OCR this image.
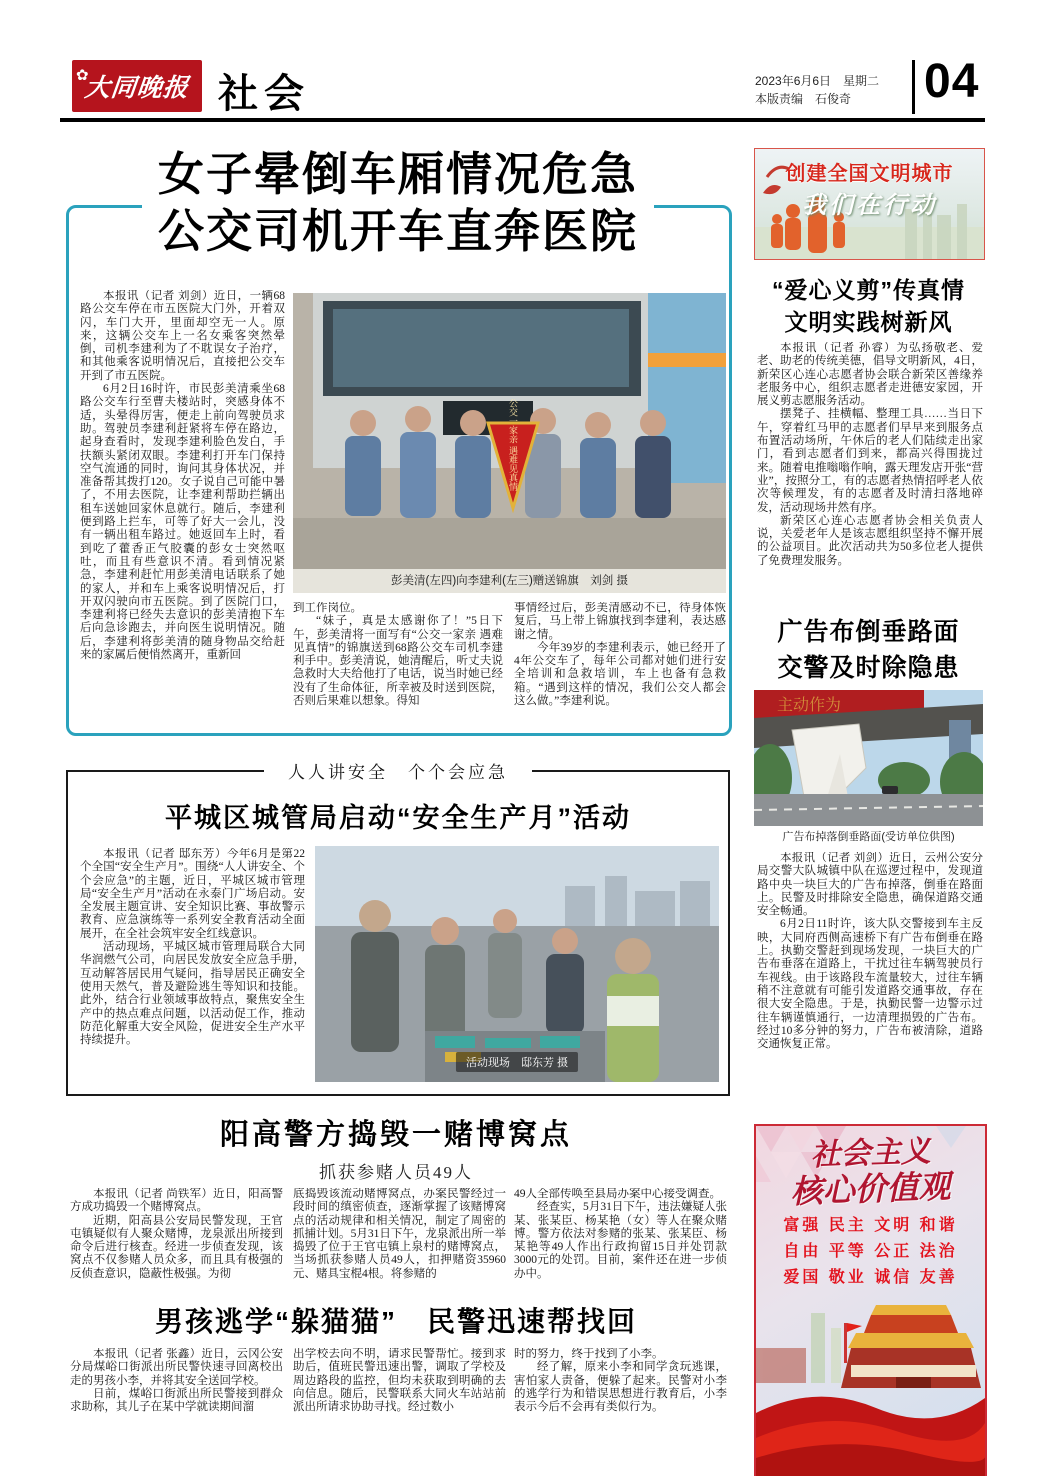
✿
大同晚报 社会	2023年6月6日　星期二
本版责编　石俊奇	04
女子晕倒车厢情况危急
公交司机开车直奔医院

本报讯（记者 刘剑）近日，一辆68路公交车停在市五医院大门外，开着双闪，车门大开，里面却空无一人。原来，这辆公交车上一名女乘客突然晕倒，司机李建利为了不耽误女子治疗，和其他乘客说明情况后，直接把公交车开到了市五医院。

6月2日16时许，市民彭美清乘坐68路公交车行至曹夫楼站时，突感身体不适，头晕得厉害，便走上前向驾驶员求助。驾驶员李建利赶紧将车停在路边，起身查看时，发现李建利脸色发白，手扶额头紧闭双眼。李建利打开车门保持空气流通的同时，询问其身体状况，并准备帮其拨打120。女子说自己可能中暑了，不用去医院，让李建利帮助拦辆出租车送她回家休息就行。随后，李建利便到路上拦车，可等了好大一会儿，没有一辆出租车路过。她返回车上时，看到吃了藿香正气胶囊的彭女士突然呕吐，而且有些意识不清。看到情况紧急，李建利赶忙用彭美清电话联系了她的家人，并和车上乘客说明情况后，打开双闪驶向市五医院。到了医院门口，李建利将已经失去意识的彭美清抱下车后向急诊跑去，并向医生说明情况。随后，李建利将彭美清的随身物品交给赶来的家属后便悄然离开，重新回

公交一家亲 遇难见真情
彭美清(左四)向李建利(左三)赠送锦旗　刘剑 摄

到工作岗位。

“妹子，真是太感谢你了！”5日下午，彭美清将一面写有“公交一家亲 遇难见真情”的锦旗送到68路公交车司机李建利手中。彭美清说，她清醒后，听丈夫说急救时大夫给他打了电话，说当时她已经没有了生命体征，所幸被及时送到医院，否则后果难以想象。得知

事情经过后，彭美清感动不已，待身体恢复后，马上带上锦旗找到李建利，表达感谢之情。

今年39岁的李建利表示，她已经开了4年公交车了，每年公司都对她们进行安全培训和急救培训，车上也备有急救箱。“遇到这样的情况，我们公交人都会这么做。”李建利说。

人人讲安全　个个会应急
平城区城管局启动“安全生产月”活动

本报讯（记者 邸东芳）今年6月是第22个全国“安全生产月”。围绕“人人讲安全、个个会应急”的主题，近日，平城区城市管理局“安全生产月”活动在永泰门广场启动。安全发展主题宣讲、安全知识比赛、事故警示教育、应急演练等一系列安全教育活动全面展开，在全社会筑牢安全红线意识。

活动现场，平城区城市管理局联合大同华润燃气公司，向居民发放安全应急手册，互动解答居民用气疑问，指导居民正确安全使用天然气，普及避险逃生等知识和技能。此外，结合行业领域事故特点，聚焦安全生产中的热点难点问题，以活动促工作，推动防范化解重大安全风险，促进安全生产水平持续提升。

活动现场　邸东芳 摄
阳高警方捣毁一赌博窝点
抓获参赌人员49人

本报讯（记者 尚铁军）近日，阳高警方成功捣毁一个赌博窝点。

近期，阳高县公安局民警发现，王官屯镇疑似有人聚众赌博，龙泉派出所接到命令后进行核查。经进一步侦查发现，该窝点不仅参赌人员众多，而且具有极强的反侦查意识，隐蔽性极强。为彻

底捣毁该流动赌博窝点，办案民警经过一段时间的缜密侦查，逐渐掌握了该赌博窝点的活动规律和相关情况，制定了周密的抓捕计划。5月31日下午，龙泉派出所一举捣毁了位于王官屯镇上泉村的赌博窝点，当场抓获参赌人员49人，扣押赌资35960元、赌具宝棍4根。将参赌的

49人全部传唤至县局办案中心接受调查。

经查实，5月31日下午，违法嫌疑人张某、张某臣、杨某艳（女）等人在聚众赌博。警方依法对参赌的张某、张某臣、杨某艳等49人作出行政拘留15日并处罚款3000元的处罚。目前，案件还在进一步侦办中。

男孩逃学“躲猫猫”　民警迅速帮找回

本报讯（记者 张鑫）近日，云冈公安分局煤峪口街派出所民警快速寻回离校出走的男孩小李，并将其安全送回学校。

日前，煤峪口街派出所民警接到群众求助称，其儿子在某中学就读期间溜

出学校去向不明，请求民警帮忙。接到求助后，值班民警迅速出警，调取了学校及周边路段的监控，但均未获取到明确的去向信息。随后，民警联系大同火车站站前派出所请求协助寻找。经过数小

时的努力，终于找到了小李。

经了解，原来小李和同学贪玩逃课，害怕家人责备，便躲了起来。民警对小李的逃学行为和错误思想进行教育后，小李表示今后不会再有类似行为。

创建全国文明城市
我们在行动
“爱心义剪”传真情
文明实践树新风

本报讯（记者 孙睿）为弘扬敬老、爱老、助老的传统美德，倡导文明新风，4日，新荣区心连心志愿者协会联合新荣区善缘养老服务中心，组织志愿者走进德安家园，开展义剪志愿服务活动。

摆凳子、挂横幅、整理工具……当日下午，穿着红马甲的志愿者们早早来到服务点布置活动场所，午休后的老人们陆续走出家门，看到志愿者们到来，都高兴得围拢过来。随着电推嗡嗡作响，露天理发店开张“营业”，按照分工，有的志愿者热情招呼老人依次等候理发，有的志愿者及时清扫落地碎发，活动现场井然有序。

新荣区心连心志愿者协会相关负责人说，关爱老年人是该志愿组织坚持不懈开展的公益项目。此次活动共为50多位老人提供了免费理发服务。

广告布倒垂路面
交警及时除隐患
主动作为
广告布掉落倒垂路面(受访单位供图)

本报讯（记者 刘剑）近日，云州公安分局交警大队城镇中队在巡逻过程中，发现道路中央一块巨大的广告布掉落，倒垂在路面上。民警及时排除安全隐患，确保道路交通安全畅通。

6月2日11时许，该大队交警接到车主反映，大同府西侧高速桥下有广告布倒垂在路上。执勤交警赶到现场发现，一块巨大的广告布垂落在道路上，干扰过往车辆驾驶员行车视线。由于该路段车流量较大，过往车辆稍不注意就有可能引发道路交通事故，存在很大安全隐患。于是，执勤民警一边警示过往车辆谨慎通行，一边清理损毁的广告布。经过10多分钟的努力，广告布被清除，道路交通恢复正常。

社会主义
核心价值观
富强 民主 文明 和谐
自由 平等 公正 法治
爱国 敬业 诚信 友善
